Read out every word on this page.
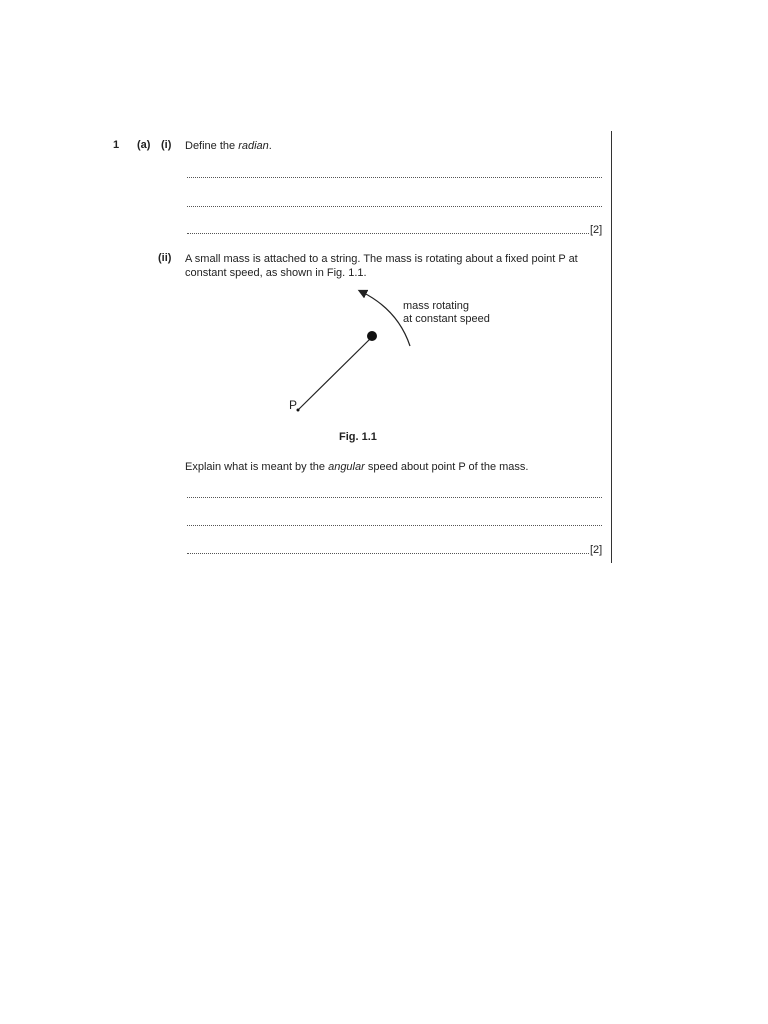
1 (a) (i) Define the radian.
[2]
(ii) A small mass is attached to a string. The mass is rotating about a fixed point P at
constant speed, as shown in Fig. 1.1.
mass rotating
at constant speed
P
Fig. 1.1
Explain what is meant by the angular speed about point P of the mass.
[2]
